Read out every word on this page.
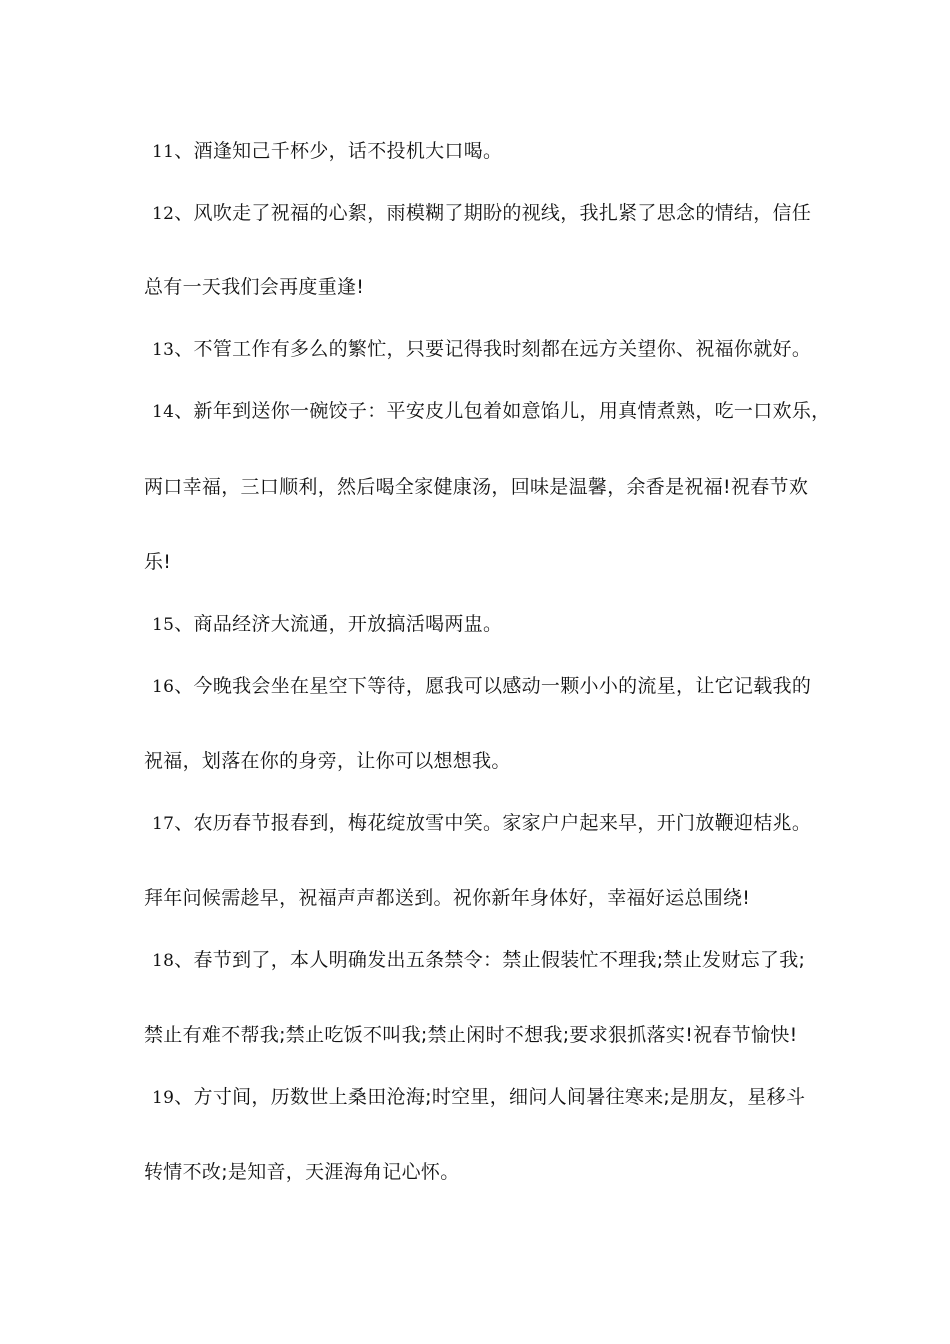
11、酒逢知己千杯少，话不投机大口喝。
12、风吹走了祝福的心絮，雨模糊了期盼的视线，我扎紧了思念的情结，信任
总有一天我们会再度重逢!
13、不管工作有多么的繁忙，只要记得我时刻都在远方关望你、祝福你就好。
14、新年到送你一碗饺子：平安皮儿包着如意馅儿，用真情煮熟，吃一口欢乐，
两口幸福，三口顺利，然后喝全家健康汤，回味是温馨，余香是祝福!祝春节欢
乐!
15、商品经济大流通，开放搞活喝两盅。
16、今晚我会坐在星空下等待，愿我可以感动一颗小小的流星，让它记载我的
祝福，划落在你的身旁，让你可以想想我。
17、农历春节报春到，梅花绽放雪中笑。家家户户起来早，开门放鞭迎桔兆。
拜年问候需趁早，祝福声声都送到。祝你新年身体好，幸福好运总围绕!
18、春节到了，本人明确发出五条禁令：禁止假装忙不理我;禁止发财忘了我;
禁止有难不帮我;禁止吃饭不叫我;禁止闲时不想我;要求狠抓落实!祝春节愉快!
19、方寸间，历数世上桑田沧海;时空里，细问人间暑往寒来;是朋友，星移斗
转情不改;是知音，天涯海角记心怀。
